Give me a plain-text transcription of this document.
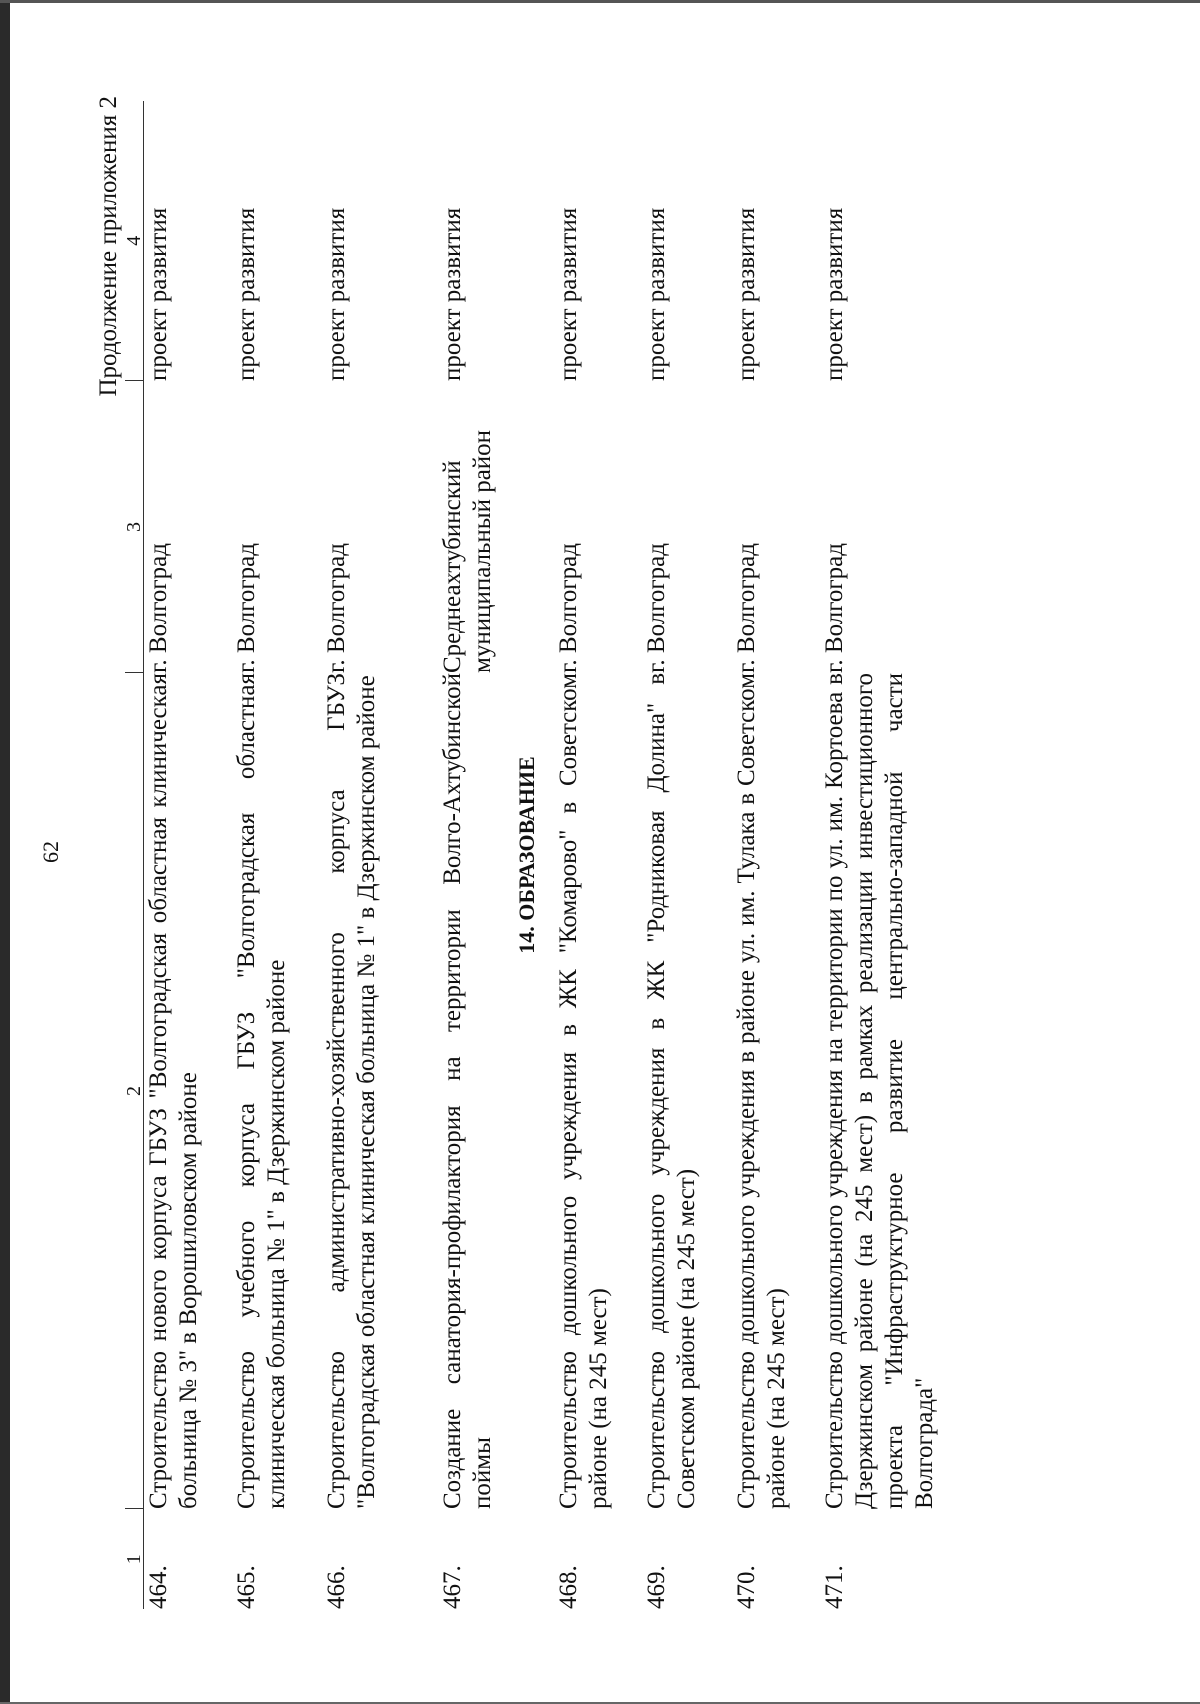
62
Продолжение приложения 2
1	2	3	4
464.	Строительство нового корпуса ГБУЗ "Волгоградская областная клиническая больница № 3" в Ворошиловском районе	г. Волгоград	проект развития
465.	Строительство учебного корпуса ГБУЗ "Волгоградская областная клиническая больница № 1" в Дзержинском районе	г. Волгоград	проект развития
466.	Строительство административно-хозяйственного корпуса ГБУЗ "Волгоградская областная клиническая больница № 1" в Дзержинском районе	г. Волгоград	проект развития
467.	Создание санатория-профилактория на территории Волго-Ахтубинской поймы	Среднеахтубинский муниципальный район	проект развития
14. ОБРАЗОВАНИЕ			
468.	Строительство дошкольного учреждения в ЖК "Комарово" в Советском районе (на 245 мест)	г. Волгоград	проект развития
469.	Строительство дошкольного учреждения в ЖК "Родниковая Долина" в Советском районе (на 245 мест)	г. Волгоград	проект развития
470.	Строительство дошкольного учреждения в районе ул. им. Тулака в Советском районе (на 245 мест)	г. Волгоград	проект развития
471.	Строительство дошкольного учреждения на территории по ул. им. Кортоева в Дзержинском районе (на 245 мест) в рамках реализации инвестиционного проекта "Инфраструктурное развитие центрально-западной части Волгограда"	г. Волгоград	проект развития
